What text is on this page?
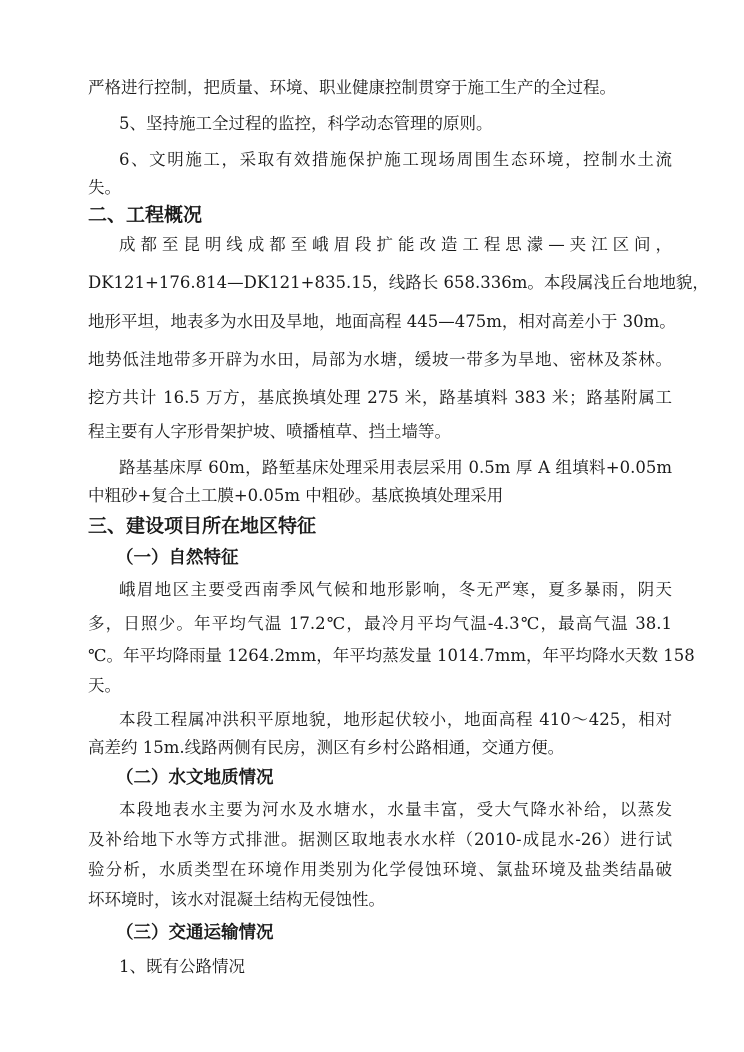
严格进行控制，把质量、环境、职业健康控制贯穿于施工生产的全过程。
5、坚持施工全过程的监控，科学动态管理的原则。
6、文明施工，采取有效措施保护施工现场周围生态环境，控制水土流
失。
二、工程概况
成都至昆明线成都至峨眉段扩能改造工程思濛—夹江区间，
DK121+176.814—DK121+835.15，线路长 658.336m。本段属浅丘台地地貌，
地形平坦，地表多为水田及旱地，地面高程 445—475m，相对高差小于 30m。
地势低洼地带多开辟为水田，局部为水塘，缓坡一带多为旱地、密林及茶林。
挖方共计 16.5 万方，基底换填处理 275 米，路基填料 383 米；路基附属工
程主要有人字形骨架护坡、喷播植草、挡土墙等。
路基基床厚 60m，路堑基床处理采用表层采用 0.5m 厚 A 组填料+0.05m
中粗砂+复合土工膜+0.05m 中粗砂。基底换填处理采用
三、建设项目所在地区特征
（一）自然特征
峨眉地区主要受西南季风气候和地形影响，冬无严寒，夏多暴雨，阴天
多，日照少。年平均气温 17.2℃，最冷月平均气温-4.3℃，最高气温 38.1
℃。年平均降雨量 1264.2mm，年平均蒸发量 1014.7mm，年平均降水天数 158
天。
本段工程属冲洪积平原地貌，地形起伏较小，地面高程 410～425，相对
高差约 15m.线路两侧有民房，测区有乡村公路相通，交通方便。
（二）水文地质情况
本段地表水主要为河水及水塘水，水量丰富，受大气降水补给，以蒸发
及补给地下水等方式排泄。据测区取地表水水样（2010-成昆水-26）进行试
验分析，水质类型在环境作用类别为化学侵蚀环境、氯盐环境及盐类结晶破
坏环境时，该水对混凝土结构无侵蚀性。
（三）交通运输情况
1、既有公路情况
